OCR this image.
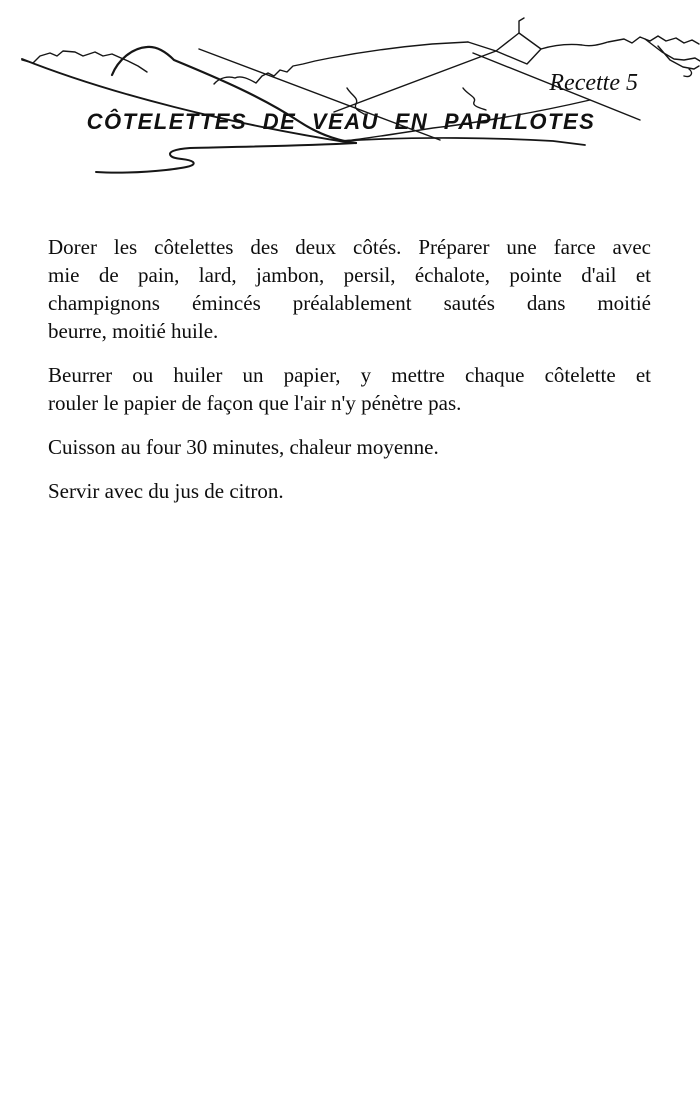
Recette 5
CÔTELETTES DE VEAU EN PAPILLOTES
Dorer les côtelettes des deux côtés. Préparer une farce avec
mie de pain, lard, jambon, persil, échalote, pointe d'ail et
champignons émincés préalablement sautés dans moitié
beurre, moitié huile.
Beurrer ou huiler un papier, y mettre chaque côtelette et
rouler le papier de façon que l'air n'y pénètre pas.
Cuisson au four 30 minutes, chaleur moyenne.
Servir avec du jus de citron.
